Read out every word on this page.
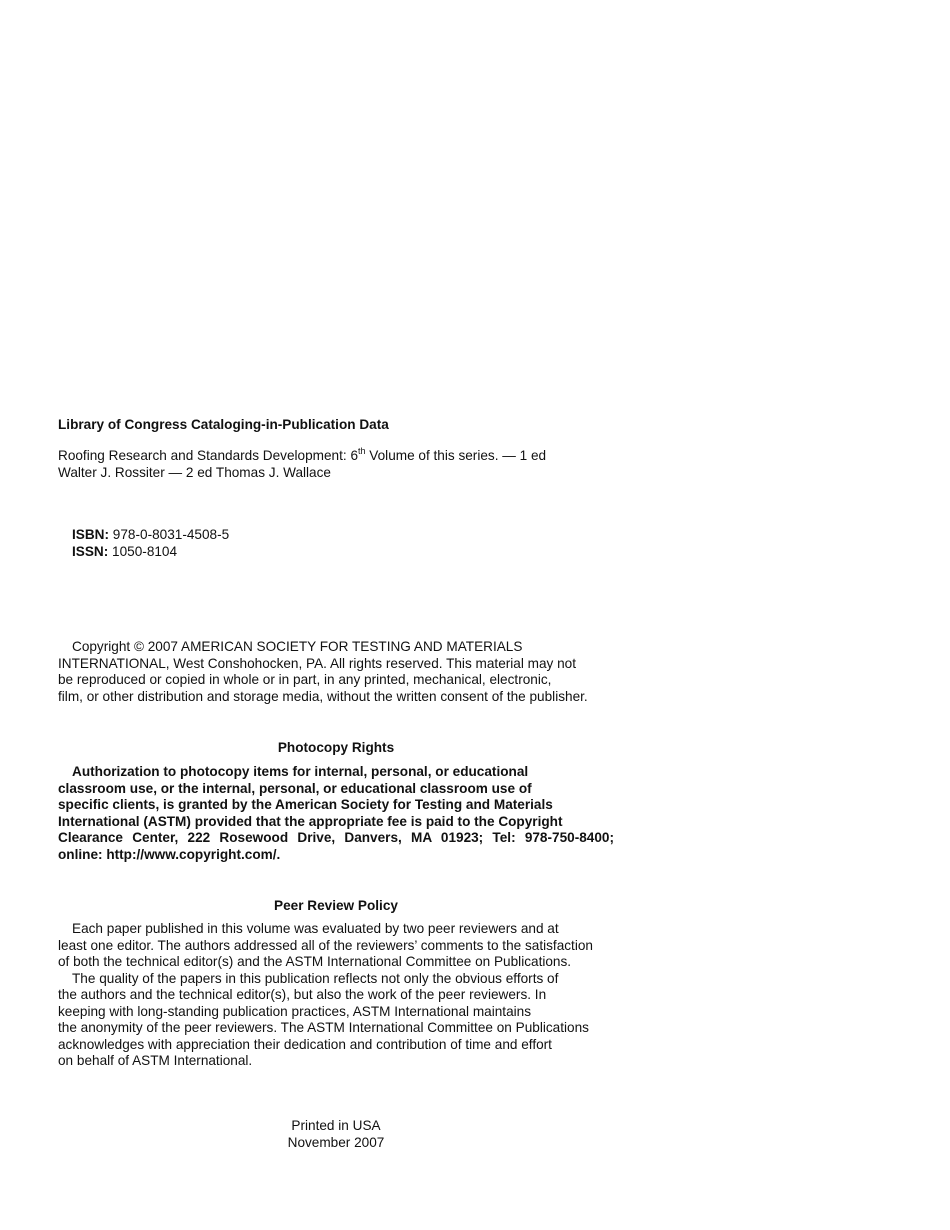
Library of Congress Cataloging-in-Publication Data
Roofing Research and Standards Development: 6th Volume of this series. — 1 ed
Walter J. Rossiter — 2 ed Thomas J. Wallace
ISBN: 978-0-8031-4508-5
ISSN: 1050-8104
Copyright © 2007 AMERICAN SOCIETY FOR TESTING AND MATERIALS
INTERNATIONAL, West Conshohocken, PA. All rights reserved. This material may not
be reproduced or copied in whole or in part, in any printed, mechanical, electronic,
film, or other distribution and storage media, without the written consent of the publisher.
Photocopy Rights
Authorization to photocopy items for internal, personal, or educational
classroom use, or the internal, personal, or educational classroom use of
specific clients, is granted by the American Society for Testing and Materials
International (ASTM) provided that the appropriate fee is paid to the Copyright
Clearance Center, 222 Rosewood Drive, Danvers, MA 01923; Tel: 978-750-8400;
online: http://www.copyright.com/.
Peer Review Policy
Each paper published in this volume was evaluated by two peer reviewers and at
least one editor. The authors addressed all of the reviewers’ comments to the satisfaction
of both the technical editor(s) and the ASTM International Committee on Publications.
The quality of the papers in this publication reflects not only the obvious efforts of
the authors and the technical editor(s), but also the work of the peer reviewers. In
keeping with long-standing publication practices, ASTM International maintains
the anonymity of the peer reviewers. The ASTM International Committee on Publications
acknowledges with appreciation their dedication and contribution of time and effort
on behalf of ASTM International.
Printed in USA
November 2007
